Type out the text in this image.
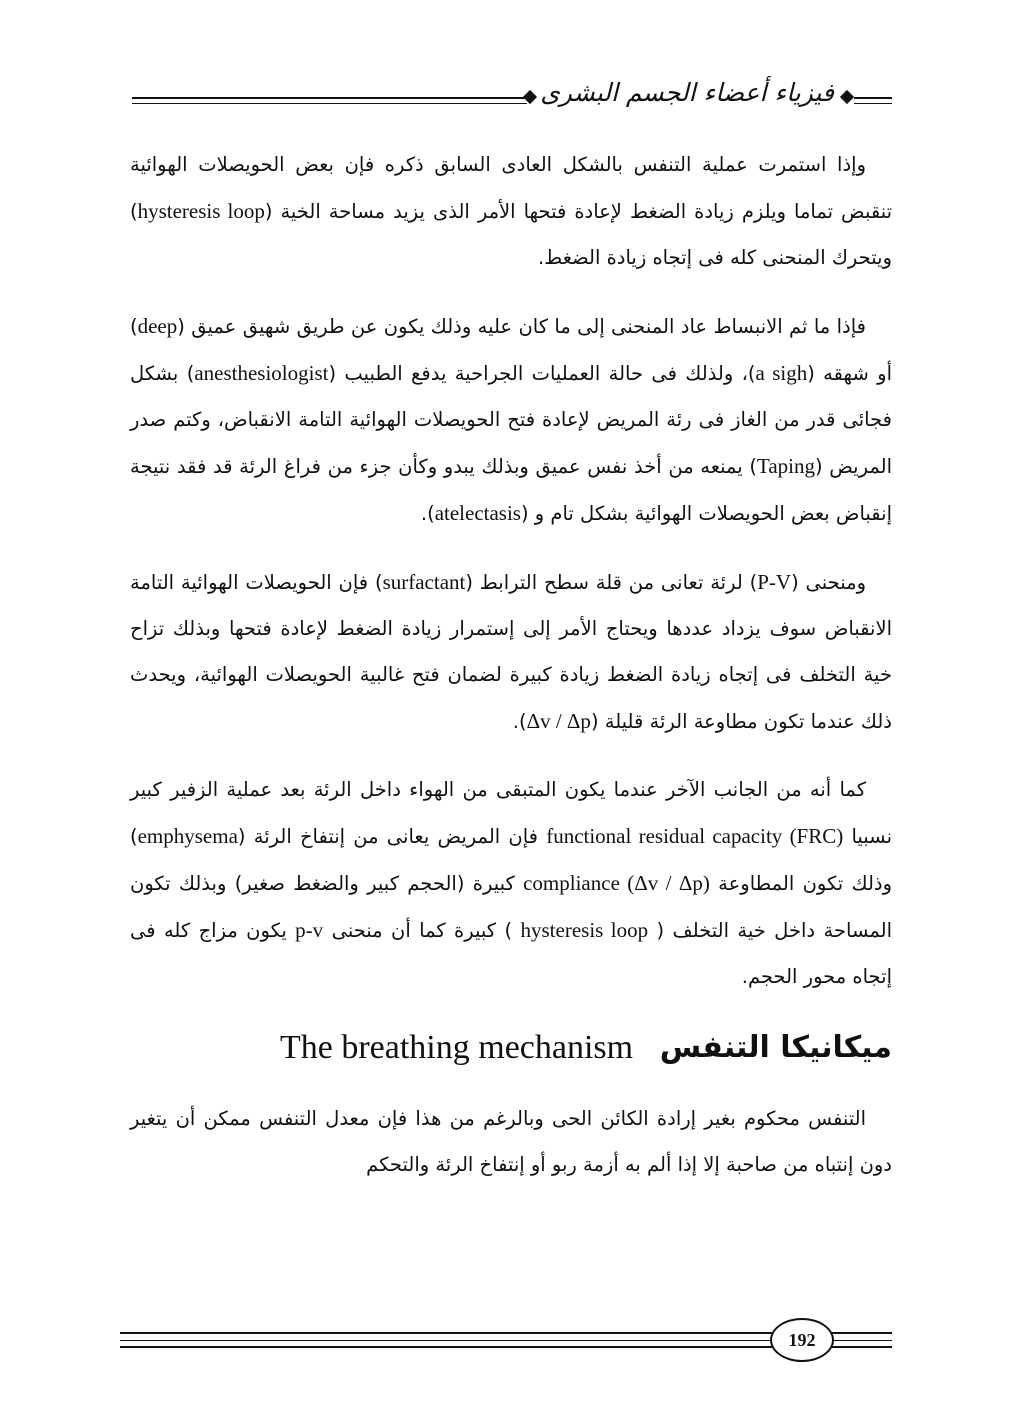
فيزياء أعضاء الجسم البشرى

وإذا استمرت عملية التنفس بالشكل العادى السابق ذكره فإن بعض الحويصلات الهوائية تنقبض تماما ويلزم زيادة الضغط لإعادة فتحها الأمر الذى يزيد مساحة الخية (hysteresis loop) ويتحرك المنحنى كله فى إتجاه زيادة الضغط.

فإذا ما ثم الانبساط عاد المنحنى إلى ما كان عليه وذلك يكون عن طريق شهيق عميق (deep) أو شهقه (a sigh)، ولذلك فى حالة العمليات الجراحية يدفع الطبيب (anesthesiologist) بشكل فجائى قدر من الغاز فى رئة المريض لإعادة فتح الحويصلات الهوائية التامة الانقباض، وكتم صدر المريض (Taping) يمنعه من أخذ نفس عميق وبذلك يبدو وكأن جزء من فراغ الرئة قد فقد نتيجة إنقباض بعض الحويصلات الهوائية بشكل تام و (atelectasis).

ومنحنى (P-V) لرئة تعانى من قلة سطح الترابط (surfactant) فإن الحويصلات الهوائية التامة الانقباض سوف يزداد عددها ويحتاج الأمر إلى إستمرار زيادة الضغط لإعادة فتحها وبذلك تزاح خية التخلف فى إتجاه زيادة الضغط زيادة كبيرة لضمان فتح غالبية الحويصلات الهوائية، ويحدث ذلك عندما تكون مطاوعة الرئة قليلة (Δv / Δp).

كما أنه من الجانب الآخر عندما يكون المتبقى من الهواء داخل الرئة بعد عملية الزفير كبير نسبيا functional residual capacity (FRC) فإن المريض يعانى من إنتفاخ الرئة (emphysema) وذلك تكون المطاوعة compliance (Δv / Δp) كبيرة (الحجم كبير والضغط صغير) وبذلك تكون المساحة داخل خية التخلف ( hysteresis loop ) كبيرة كما أن منحنى p-v يكون مزاج كله فى إتجاه محور الحجم.

The breathing mechanism ميكانيكا التنفس

التنفس محكوم بغير إرادة الكائن الحى وبالرغم من هذا فإن معدل التنفس ممكن أن يتغير دون إنتباه من صاحبة إلا إذا ألم به أزمة ربو أو إنتفاخ الرئة والتحكم

192
